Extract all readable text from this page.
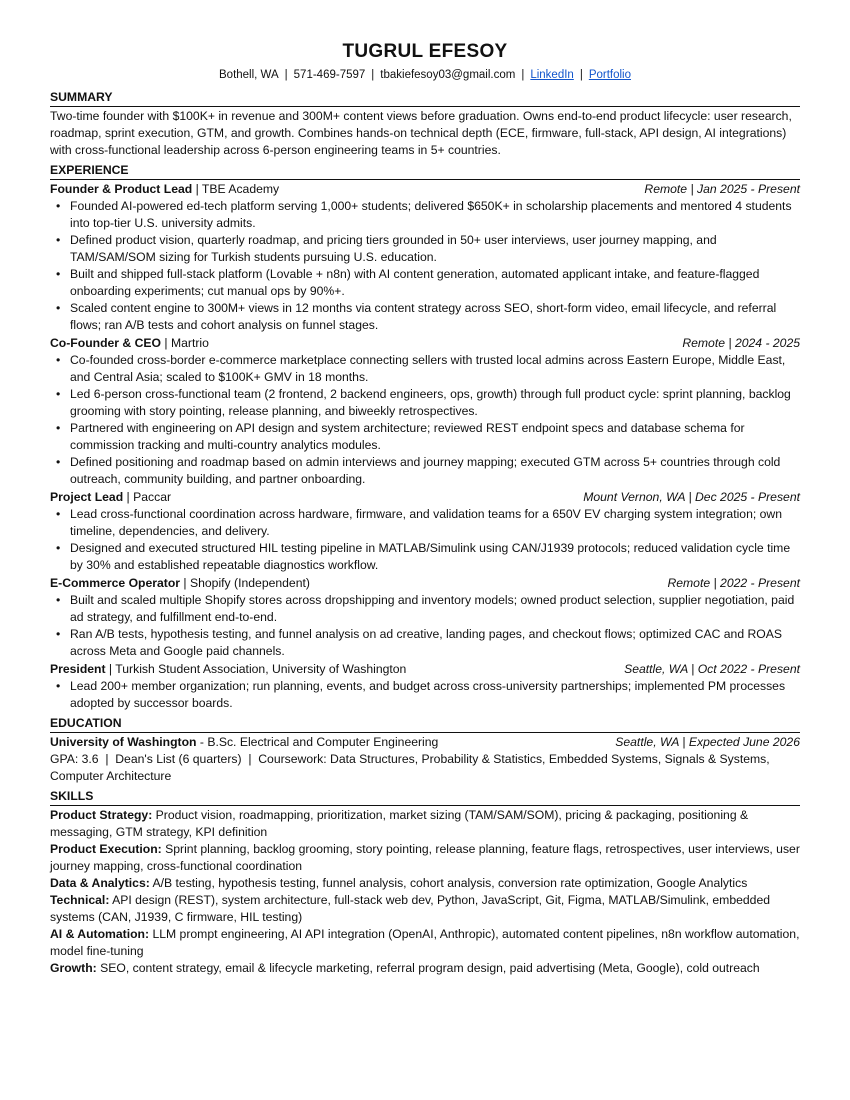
TUGRUL EFESOY
Bothell, WA | 571-469-7597 | tbakiefesoy03@gmail.com | LinkedIn | Portfolio
SUMMARY

Two-time founder with $100K+ in revenue and 300M+ content views before graduation. Owns end-to-end product lifecycle: user research, roadmap, sprint execution, GTM, and growth. Combines hands-on technical depth (ECE, firmware, full-stack, API design, AI integrations) with cross-functional leadership across 6-person engineering teams in 5+ countries.

EXPERIENCE
Founder & Product Lead | TBE Academy	Remote | Jan 2025 - Present
• Founded AI-powered ed-tech platform serving 1,000+ students; delivered $650K+ in scholarship placements and mentored 4 students into top-tier U.S. university admits.
• Defined product vision, quarterly roadmap, and pricing tiers grounded in 50+ user interviews, user journey mapping, and TAM/SAM/SOM sizing for Turkish students pursuing U.S. education.
• Built and shipped full-stack platform (Lovable + n8n) with AI content generation, automated applicant intake, and feature-flagged onboarding experiments; cut manual ops by 90%+.
• Scaled content engine to 300M+ views in 12 months via content strategy across SEO, short-form video, email lifecycle, and referral flows; ran A/B tests and cohort analysis on funnel stages.
Co-Founder & CEO | Martrio	Remote | 2024 - 2025
• Co-founded cross-border e-commerce marketplace connecting sellers with trusted local admins across Eastern Europe, Middle East, and Central Asia; scaled to $100K+ GMV in 18 months.
• Led 6-person cross-functional team (2 frontend, 2 backend engineers, ops, growth) through full product cycle: sprint planning, backlog grooming with story pointing, release planning, and biweekly retrospectives.
• Partnered with engineering on API design and system architecture; reviewed REST endpoint specs and database schema for commission tracking and multi-country analytics modules.
• Defined positioning and roadmap based on admin interviews and journey mapping; executed GTM across 5+ countries through cold outreach, community building, and partner onboarding.
Project Lead | Paccar	Mount Vernon, WA | Dec 2025 - Present
• Lead cross-functional coordination across hardware, firmware, and validation teams for a 650V EV charging system integration; own timeline, dependencies, and delivery.
• Designed and executed structured HIL testing pipeline in MATLAB/Simulink using CAN/J1939 protocols; reduced validation cycle time by 30% and established repeatable diagnostics workflow.
E-Commerce Operator | Shopify (Independent)	Remote | 2022 - Present
• Built and scaled multiple Shopify stores across dropshipping and inventory models; owned product selection, supplier negotiation, paid ad strategy, and fulfillment end-to-end.
• Ran A/B tests, hypothesis testing, and funnel analysis on ad creative, landing pages, and checkout flows; optimized CAC and ROAS across Meta and Google paid channels.
President | Turkish Student Association, University of Washington	Seattle, WA | Oct 2022 - Present
• Lead 200+ member organization; run planning, events, and budget across cross-university partnerships; implemented PM processes adopted by successor boards.
EDUCATION
University of Washington - B.Sc. Electrical and Computer Engineering	Seattle, WA | Expected June 2026
GPA: 3.6  |  Dean's List (6 quarters)  |  Coursework: Data Structures, Probability & Statistics, Embedded Systems, Signals & Systems, Computer Architecture
SKILLS
Product Strategy: Product vision, roadmapping, prioritization, market sizing (TAM/SAM/SOM), pricing & packaging, positioning & messaging, GTM strategy, KPI definition
Product Execution: Sprint planning, backlog grooming, story pointing, release planning, feature flags, retrospectives, user interviews, user journey mapping, cross-functional coordination
Data & Analytics: A/B testing, hypothesis testing, funnel analysis, cohort analysis, conversion rate optimization, Google Analytics
Technical: API design (REST), system architecture, full-stack web dev, Python, JavaScript, Git, Figma, MATLAB/Simulink, embedded systems (CAN, J1939, C firmware, HIL testing)
AI & Automation: LLM prompt engineering, AI API integration (OpenAI, Anthropic), automated content pipelines, n8n workflow automation, model fine-tuning
Growth: SEO, content strategy, email & lifecycle marketing, referral program design, paid advertising (Meta, Google), cold outreach
